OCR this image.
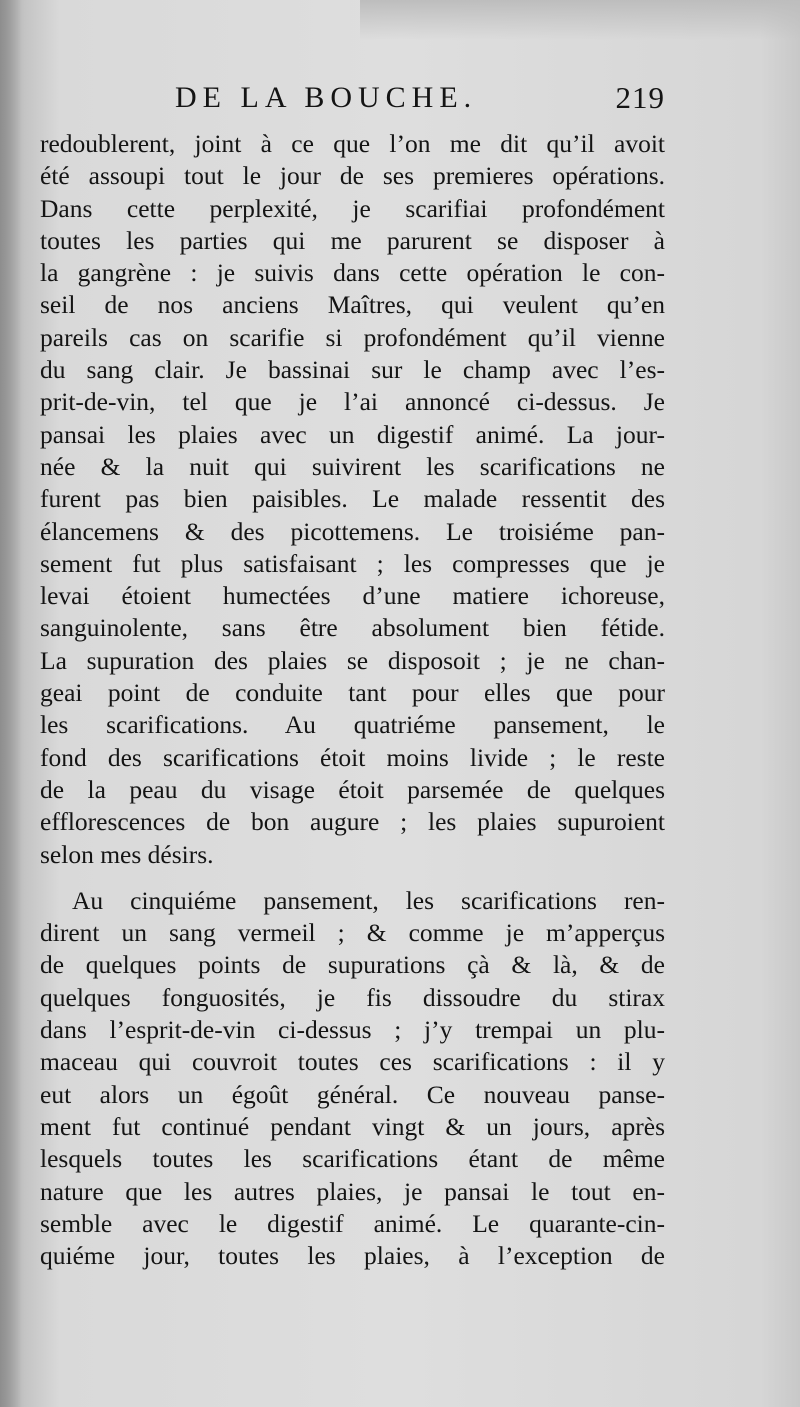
DE LA BOUCHE.	219
redoublerent, joint à ce que l’on me dit qu’il avoit
été assoupi tout le jour de ses premieres opérations.
Dans cette perplexité, je scarifiai profondément
toutes les parties qui me parurent se disposer à
la gangrène : je suivis dans cette opération le con-
seil de nos anciens Maîtres, qui veulent qu’en
pareils cas on scarifie si profondément qu’il vienne
du sang clair. Je bassinai sur le champ avec l’es-
prit-de-vin, tel que je l’ai annoncé ci-dessus. Je
pansai les plaies avec un digestif animé. La jour-
née & la nuit qui suivirent les scarifications ne
furent pas bien paisibles. Le malade ressentit des
élancemens & des picottemens. Le troisiéme pan-
sement fut plus satisfaisant ; les compresses que je
levai étoient humectées d’une matiere ichoreuse,
sanguinolente, sans être absolument bien fétide.
La supuration des plaies se disposoit ; je ne chan-
geai point de conduite tant pour elles que pour
les scarifications. Au quatriéme pansement, le
fond des scarifications étoit moins livide ; le reste
de la peau du visage étoit parsemée de quelques
efflorescences de bon augure ; les plaies supuroient
selon mes désirs.
Au cinquiéme pansement, les scarifications ren-
dirent un sang vermeil ; & comme je m’apperçus
de quelques points de supurations çà & là, & de
quelques fonguosités, je fis dissoudre du stirax
dans l’esprit-de-vin ci-dessus ; j’y trempai un plu-
maceau qui couvroit toutes ces scarifications : il y
eut alors un égoût général. Ce nouveau panse-
ment fut continué pendant vingt & un jours, après
lesquels toutes les scarifications étant de même
nature que les autres plaies, je pansai le tout en-
semble avec le digestif animé. Le quarante-cin-
quiéme jour, toutes les plaies, à l’exception de
